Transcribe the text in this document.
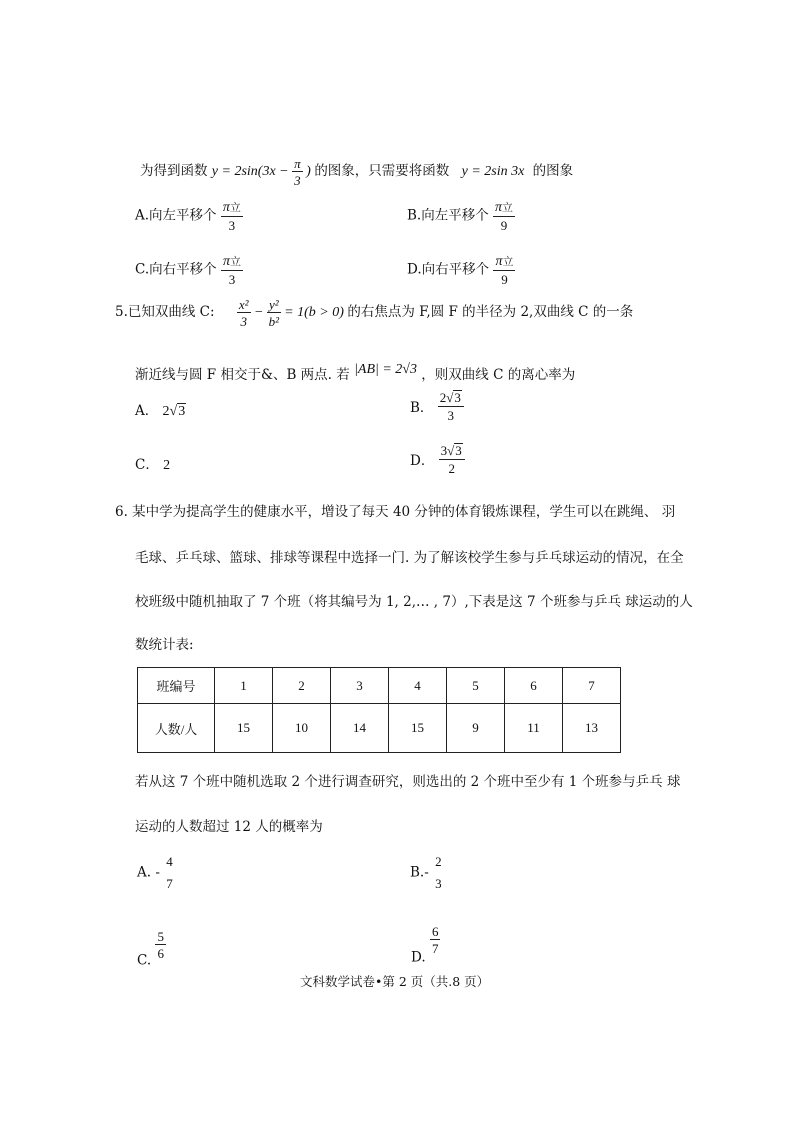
为得到函数 $y = 2\sin(3x - \frac{\pi}{3}$ ) 的图象，只需要将函数 y = 2sin 3x 的图象
A.向左平移个 $\frac{\text{π立}}{3}$	B.向左平移个 $\frac{\text{π立}}{9}$
C.向右平移个 $\frac{\text{π立}}{3}$	D.向右平移个 $\frac{\text{π立}}{9}$
5.已知双曲线 C: $\frac{\text{x²}}{3} - \frac{\text{y²}}{\text{b²}} = 1(b > 0)$ 的右焦点为 F,圆 F 的半径为 2,双曲线 C 的一条
渐近线与圆 F 相交于&、B 两点. 若 |AB| = 2√3 ，则双曲线 C 的离心率为
A． 2√3	B． $\frac{2√3}{3}$
C． 2	D． $\frac{3√3}{2}$
6. 某中学为提高学生的健康水平，增设了每天 40 分钟的体育锻炼课程，学生可以在跳绳、 羽
毛球、乒乓球、篮球、排球等课程中选择一门. 为了解该校学生参与乒乓球运动的情况，在全
校班级中随机抽取了 7 个班（将其编号为 1, 2,… , 7）,下表是这 7 个班参与乒乓 球运动的人
数统计表:
班编号	1	2	3	4	5	6	7
人数/人	15	10	14	15	9	11	13
若从这 7 个班中随机选取 2 个进行调查研究，则选出的 2 个班中至少有 1 个班参与乒乓 球
运动的人数超过 12 人的概率为
A. -
4
7
B.-
2
3
C.
$\frac{5}{6}$	D.
$\frac{6}{7}$
文科数学试卷•第 2 页（共.8 页）
